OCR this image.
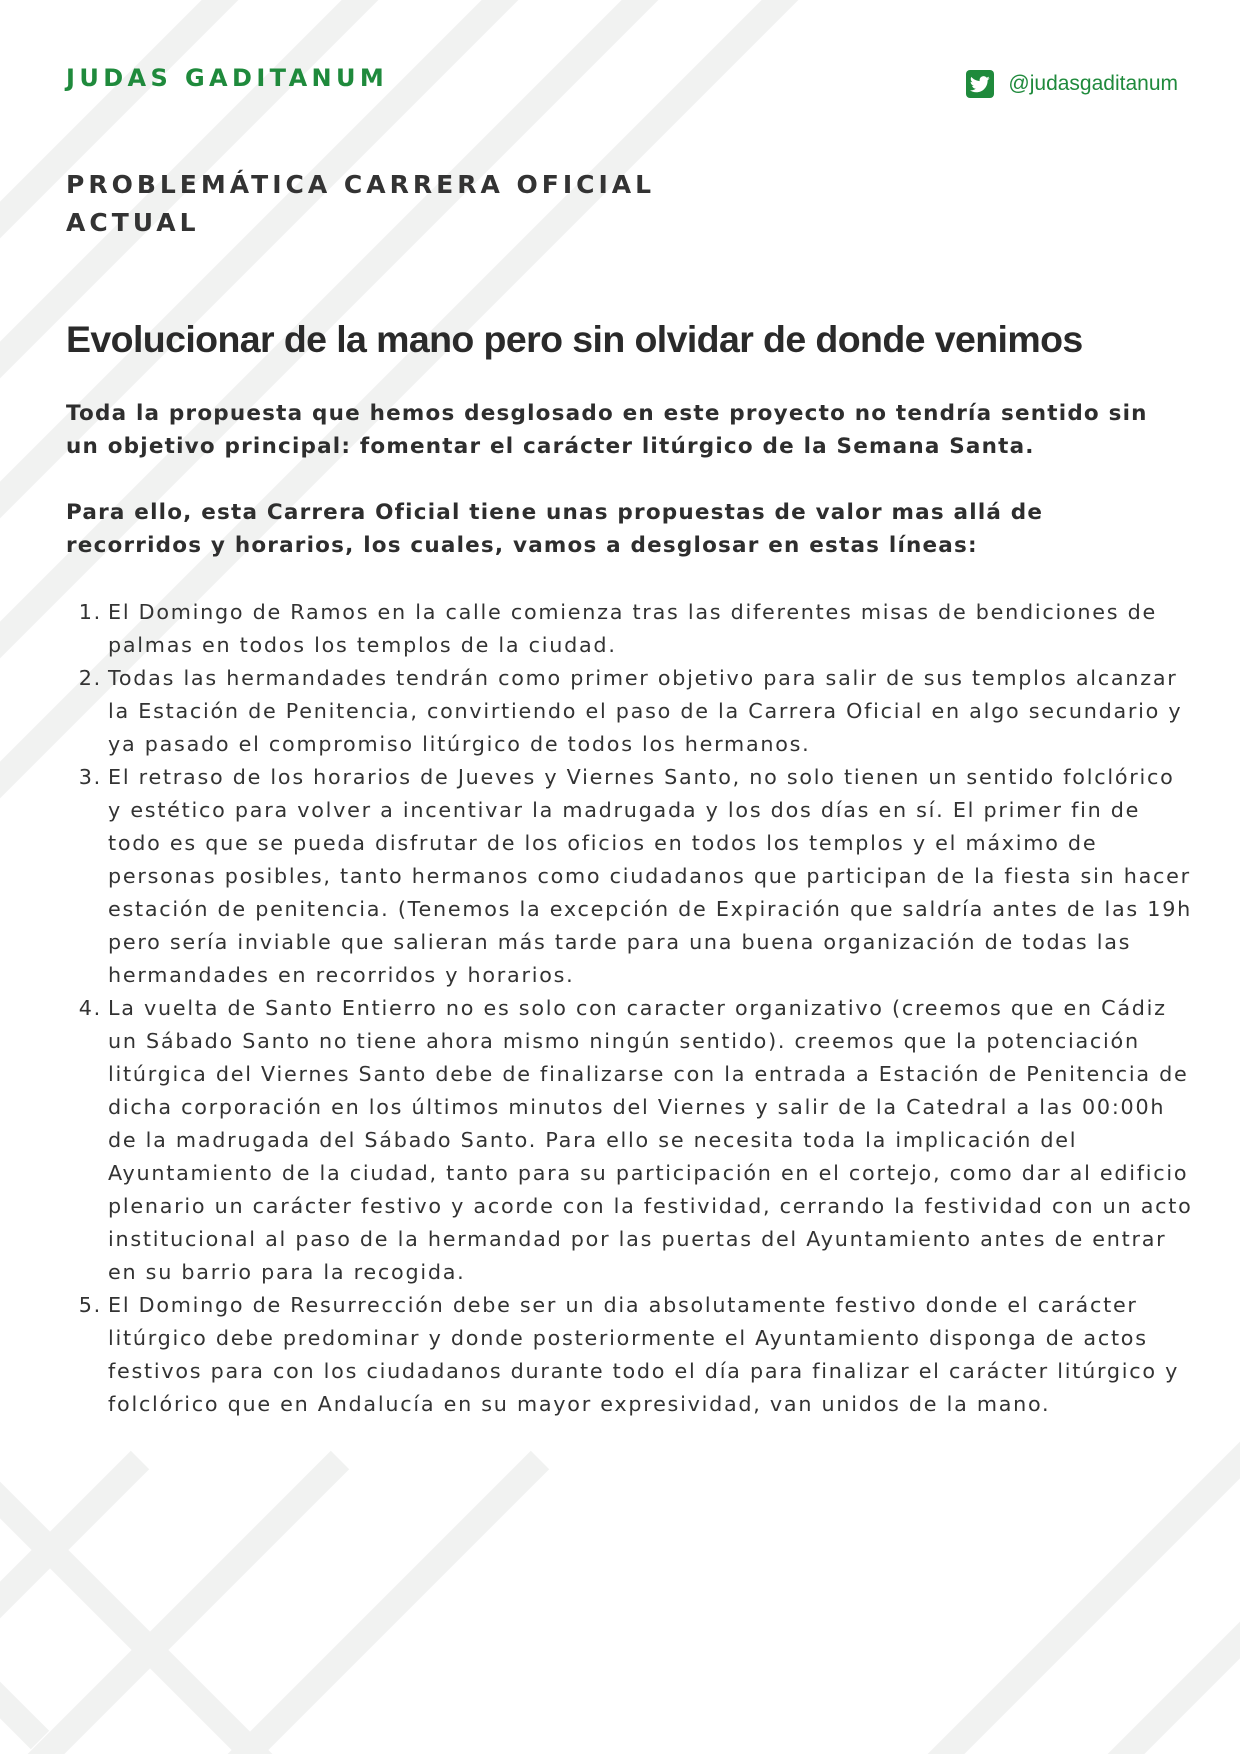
JUDAS GADITANUM	@judasgaditanum
PROBLEMÁTICA CARRERA OFICIAL ACTUAL
Evolucionar de la mano pero sin olvidar de donde venimos

Toda la propuesta que hemos desglosado en este proyecto no tendría sentido sin un objetivo principal: fomentar el carácter litúrgico de la Semana Santa.

Para ello, esta Carrera Oficial tiene unas propuestas de valor mas allá de recorridos y horarios, los cuales, vamos a desglosar en estas líneas:

1. El Domingo de Ramos en la calle comienza tras las diferentes misas de bendiciones de palmas en todos los templos de la ciudad.
2. Todas las hermandades tendrán como primer objetivo para salir de sus templos alcanzar la Estación de Penitencia, convirtiendo el paso de la Carrera Oficial en algo secundario y ya pasado el compromiso litúrgico de todos los hermanos.
3. El retraso de los horarios de Jueves y Viernes Santo, no solo tienen un sentido folclórico y estético para volver a incentivar la madrugada y los dos días en sí. El primer fin de todo es que se pueda disfrutar de los oficios en todos los templos y el máximo de personas posibles, tanto hermanos como ciudadanos que participan de la fiesta sin hacer estación de penitencia. (Tenemos la excepción de Expiración que saldría antes de las 19h pero sería inviable que salieran más tarde para una buena organización de todas las hermandades en recorridos y horarios.
4. La vuelta de Santo Entierro no es solo con caracter organizativo (creemos que en Cádiz un Sábado Santo no tiene ahora mismo ningún sentido). creemos que la potenciación litúrgica del Viernes Santo debe de finalizarse con la entrada a Estación de Penitencia de dicha corporación en los últimos minutos del Viernes y salir de la Catedral a las 00:00h de la madrugada del Sábado Santo. Para ello se necesita toda la implicación del Ayuntamiento de la ciudad, tanto para su participación en el cortejo, como dar al edificio plenario un carácter festivo y acorde con la festividad, cerrando la festividad con un acto institucional al paso de la hermandad por las puertas del Ayuntamiento antes de entrar en su barrio para la recogida.
5. El Domingo de Resurrección debe ser un dia absolutamente festivo donde el carácter litúrgico debe predominar y donde posteriormente el Ayuntamiento disponga de actos festivos para con los ciudadanos durante todo el día para finalizar el carácter litúrgico y folclórico que en Andalucía en su mayor expresividad, van unidos de la mano.
